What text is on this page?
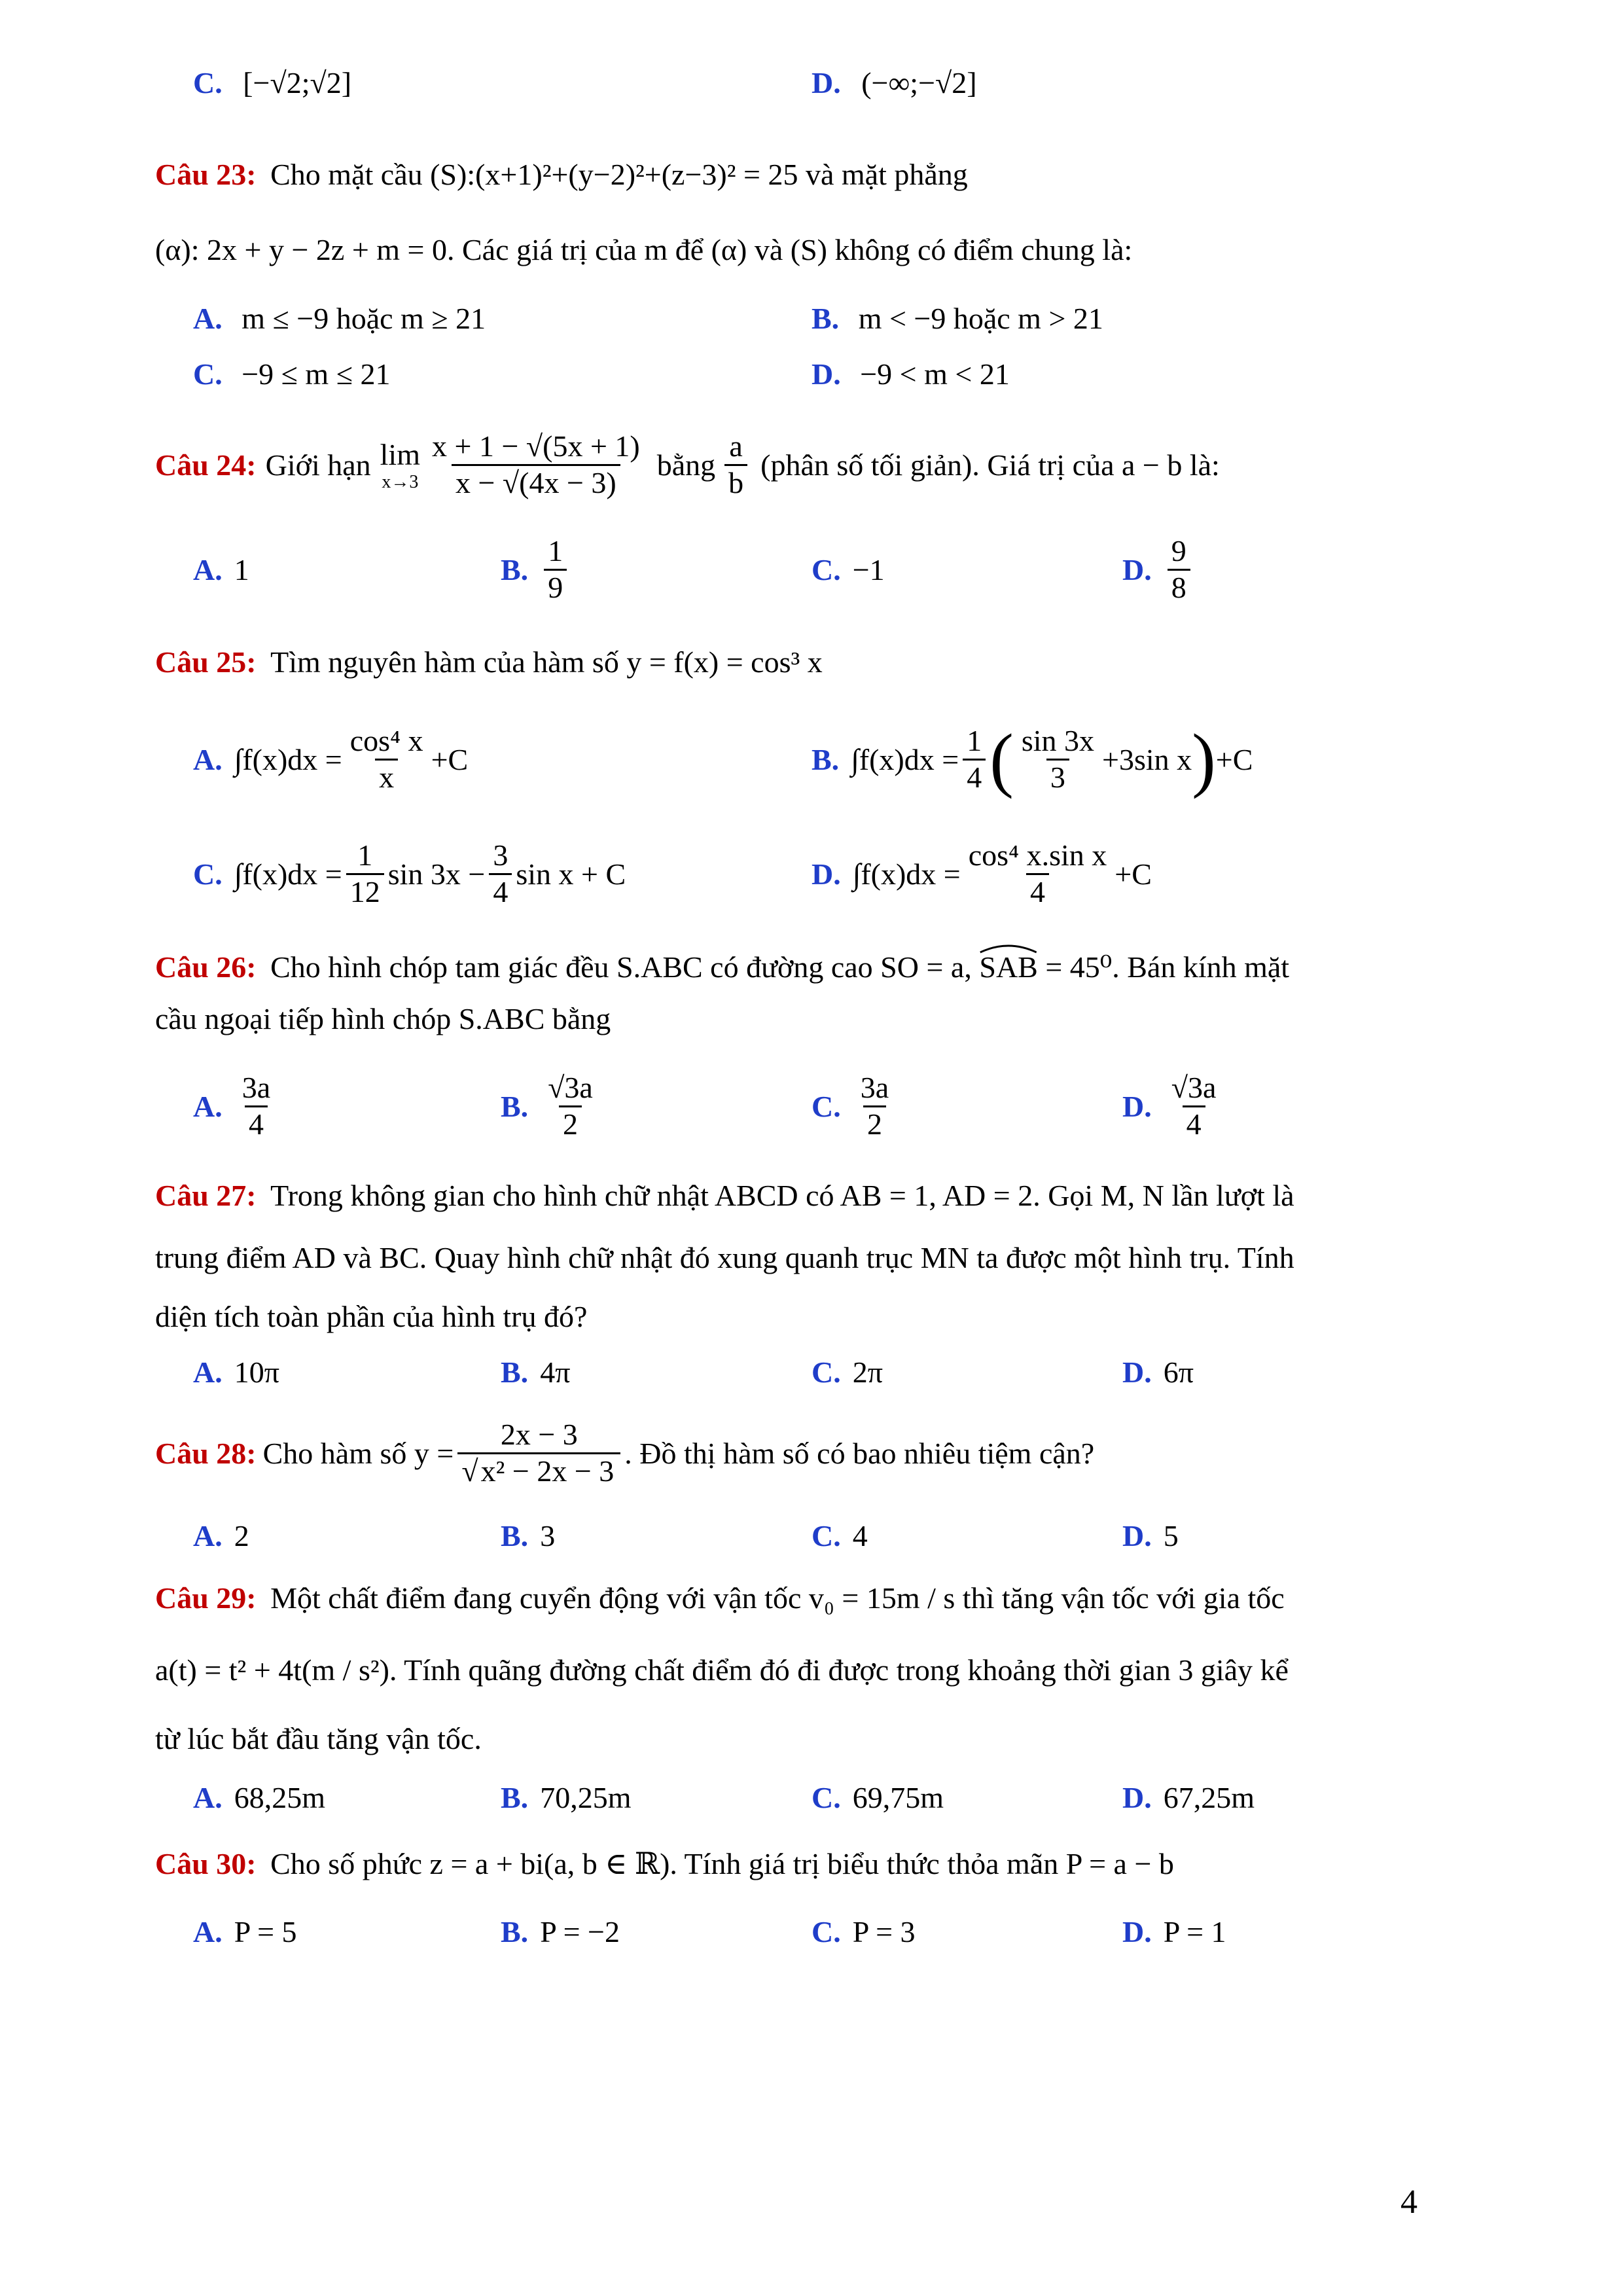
C. [−√2;√2]	D. (−∞;−√2]
Câu 23: Cho mặt cầu (S):(x+1)²+(y−2)²+(z−3)² = 25 và mặt phẳng
(α): 2x + y − 2z + m = 0. Các giá trị của m để (α) và (S) không có điểm chung là:
A. m ≤ −9 hoặc m ≥ 21	B. m < −9 hoặc m > 21
C. −9 ≤ m ≤ 21	D. −9 < m < 21
Câu 24: Giới hạn lim
$x\to 3 \frac{x + 1 - √(5x + 1)}{x - √(4x - 3)}$ bằng $\frac{a}{b}$ (phân số tối giản). Giá trị của a − b là:
A. 1	B. $\frac{1}{9}$	C. −1	D. $\frac{9}{8}$
Câu 25: Tìm nguyên hàm của hàm số y = f(x) = cos³ x
A. $\int f(x)dx = \frac{\text{cos⁴ x}}{x} +C$	B. $\int f(x)dx = \frac{1}{4}$ ( $\frac{\sin 3x}{3} +3\sin$ x ) +C
C. $\int f(x)dx = \frac{1}{12}$ $\sin 3x - \frac{3}{4}$ sin x + C	D. $\int f(x)dx = \frac{\text{cos⁴ x.sin x}}{4} +C$
Câu 26: Cho hình chóp tam giác đều S.ABC có đường cao SO = a, SAB = 45⁰. Bán kính mặt
cầu ngoại tiếp hình chóp S.ABC bằng
A. $\frac{3a}{4}$	B. $\frac{√3a}{2}$	C. $\frac{3a}{2}$	D. $\frac{√3a}{4}$
Câu 27: Trong không gian cho hình chữ nhật ABCD có AB = 1, AD = 2. Gọi M, N lần lượt là
trung điểm AD và BC. Quay hình chữ nhật đó xung quanh trục MN ta được một hình trụ. Tính
diện tích toàn phần của hình trụ đó?
A. 10π	B. 4π	C. 2π	D. 6π
Câu 28: Cho hàm số $y = \frac{2x - 3}{\text{√x² − 2x − 3}}$ . Đồ thị hàm số có bao nhiêu tiệm cận?
A. 2	B. 3	C. 4	D. 5
Câu 29: Một chất điểm đang cuyển động với vận tốc v₀ = 15m / s thì tăng vận tốc với gia tốc
a(t) = t² + 4t(m / s²). Tính quãng đường chất điểm đó đi được trong khoảng thời gian 3 giây kể
từ lúc bắt đầu tăng vận tốc.
A. 68,25m	B. 70,25m	C. 69,75m	D. 67,25m
Câu 30: Cho số phức z = a + bi(a, b ∈ ℝ). Tính giá trị biểu thức thỏa mãn P = a − b
A. P = 5	B. P = −2	C. P = 3	D. P = 1
4
